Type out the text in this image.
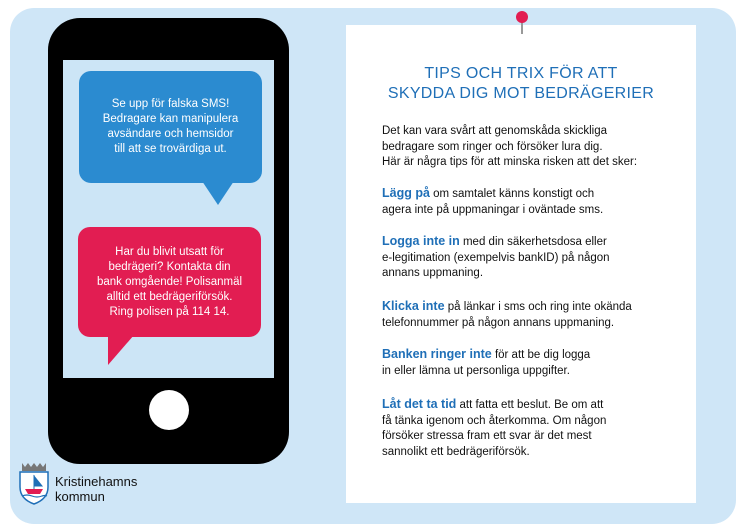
Se upp för falska SMS!
Bedragare kan manipulera
avsändare och hemsidor
till att se trovärdiga ut.
Har du blivit utsatt för
bedrägeri? Kontakta din
bank omgående! Polisanmäl
alltid ett bedrägeriförsök.
Ring polisen på 114 14.
TIPS OCH TRIX FÖR ATT
SKYDDA DIG MOT BEDRÄGERIER
Det kan vara svårt att genomskåda skickliga
bedragare som ringer och försöker lura dig.
Här är några tips för att minska risken att det sker:
Lägg på om samtalet känns konstigt och
agera inte på uppmaningar i oväntade sms.
Logga inte in med din säkerhetsdosa eller
e-legitimation (exempelvis bankID) på någon
annans uppmaning.
Klicka inte på länkar i sms och ring inte okända
telefonnummer på någon annans uppmaning.
Banken ringer inte för att be dig logga
in eller lämna ut personliga uppgifter.
Låt det ta tid att fatta ett beslut. Be om att
få tänka igenom och återkomma. Om någon
försöker stressa fram ett svar är det mest
sannolikt ett bedrägeriförsök.
Kristinehamns
kommun
